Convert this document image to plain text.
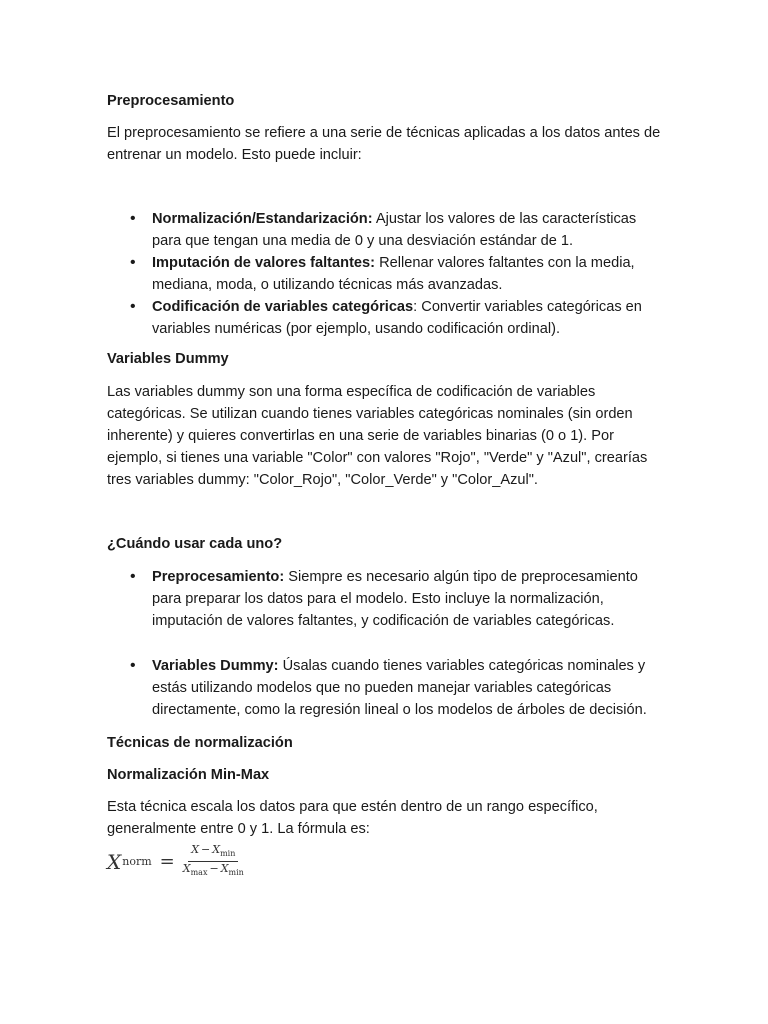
Preprocesamiento

El preprocesamiento se refiere a una serie de técnicas aplicadas a los datos antes de entrenar un modelo. Esto puede incluir:

• Normalización/Estandarización: Ajustar los valores de las características para que tengan una media de 0 y una desviación estándar de 1.
• Imputación de valores faltantes: Rellenar valores faltantes con la media, mediana, moda, o utilizando técnicas más avanzadas.
• Codificación de variables categóricas: Convertir variables categóricas en variables numéricas (por ejemplo, usando codificación ordinal).
Variables Dummy

Las variables dummy son una forma específica de codificación de variables categóricas. Se utilizan cuando tienes variables categóricas nominales (sin orden inherente) y quieres convertirlas en una serie de variables binarias (0 o 1). Por ejemplo, si tienes una variable "Color" con valores "Rojo", "Verde" y "Azul", crearías tres variables dummy: "Color_Rojo", "Color_Verde" y "Color_Azul".

¿Cuándo usar cada uno?
• Preprocesamiento: Siempre es necesario algún tipo de preprocesamiento para preparar los datos para el modelo. Esto incluye la normalización, imputación de valores faltantes, y codificación de variables categóricas.
• Variables Dummy: Úsalas cuando tienes variables categóricas nominales y estás utilizando modelos que no pueden manejar variables categóricas directamente, como la regresión lineal o los modelos de árboles de decisión.
Técnicas de normalización
Normalización Min-Max

Esta técnica escala los datos para que estén dentro de un rango específico, generalmente entre 0 y 1. La fórmula es:

X norm = $\frac{X - X_{min}}{X_{max} - X_{min}}$
